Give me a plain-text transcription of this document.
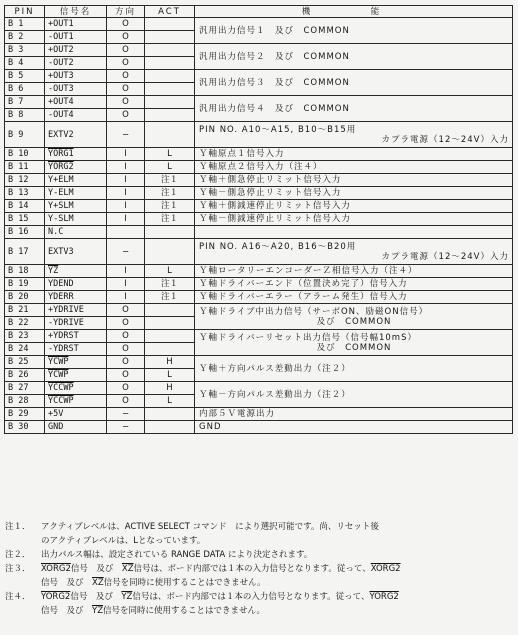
PIN	信号名	方向	ACT	機　能
B 1	+OUT1	O		汎用出力信号１　及び　COMMON

B 2	-OUT1	O		
B 3	+OUT2	O		汎用出力信号２　及び　COMMON

B 4	-OUT2	O		
B 5	+OUT3	O		汎用出力信号３　及び　COMMON

B 6	-OUT3	O		
B 7	+OUT4	O		汎用出力信号４　及び　COMMON

B 8	-OUT4	O		
B 9	EXTV2	−		PIN NO. A10～A15, B10～B15用
カプラ電源（12～24V）入力

B 10	YORG1	I	L	Ｙ軸原点１信号入力

B 11	YORG2	I	L	Ｙ軸原点２信号入力（注４）

B 12	Y+ELM	I	注１	Ｙ軸＋側急停止リミット信号入力

B 13	Y-ELM	I	注１	Ｙ軸－側急停止リミット信号入力

B 14	Y+SLM	I	注１	Ｙ軸＋側減速停止リミット信号入力

B 15	Y-SLM	I	注１	Ｙ軸－側減速停止リミット信号入力

B 16	N.C			

B 17	EXTV3	−		PIN NO. A16～A20, B16～B20用
カプラ電源（12～24V）入力

B 18	$\overline{YZ}$	I	L	Ｙ軸ロータリーエンコーダーＺ相信号入力（注４）

B 19	YDEND	I	注１	Ｙ軸ドライバーエンド（位置決め完了）信号入力

B 20	YDERR	I	注１	Ｙ軸ドライバーエラー（アラーム発生）信号入力

B 21	+YDRIVE	O		Ｙ軸ドライブ中出力信号（サーボON、励磁ON信号）
及び　COMMON

B 22	-YDRIVE	O		
B 23	+YDRST	O		Ｙ軸ドライバーリセット出力信号（信号幅10mS）
及び　COMMON

B 24	-YDRST	O		
B 25	YCWP	O	H	Ｙ軸＋方向パルス差動出力（注２）

B 26	YCWP	O	L	
B 27	YCCWP	O	H	Ｙ軸－方向パルス差動出力（注２）

B 28	YCCWP	O	L	
B 29	+5V	−		内部５Ｖ電源出力

B 30	GND	−		GND
注１．	アクティブレベルは、ACTIVE SELECT コマンド　により選択可能です。尚、リセット後
のアクティブレベルは、Lとなっています。
注２．	出力パルス幅は、設定されている RANGE DATA により決定されます。
注３．	XORG2信号　及び　$\overline{XZ}$信号は、ボード内部では１本の入力信号となります。従って、XORG2
信号　及び　$\overline{XZ}$信号を同時に使用することはできません。
注４．	YORG2信号　及び　$\overline{YZ}$信号は、ボード内部では１本の入力信号となります。従って、YORG2
信号　及び　$\overline{YZ}$信号を同時に使用することはできません。
